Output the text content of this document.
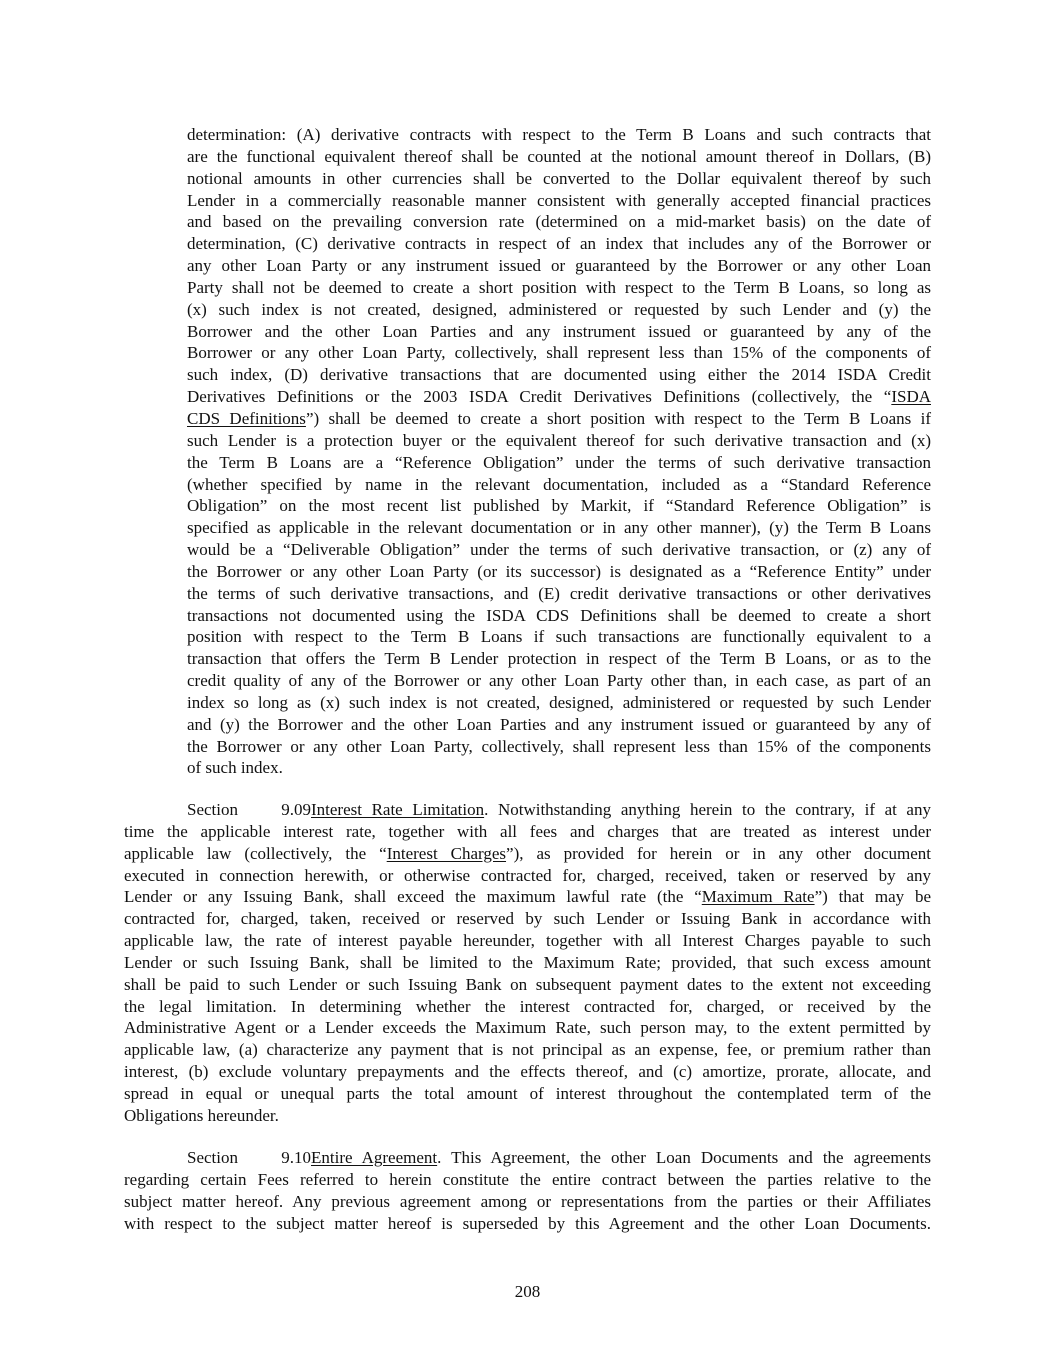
determination: (A) derivative contracts with respect to the Term B Loans and such contracts that
are the functional equivalent thereof shall be counted at the notional amount thereof in Dollars, (B)
notional amounts in other currencies shall be converted to the Dollar equivalent thereof by such
Lender in a commercially reasonable manner consistent with generally accepted financial practices
and based on the prevailing conversion rate (determined on a mid-market basis) on the date of
determination, (C) derivative contracts in respect of an index that includes any of the Borrower or
any other Loan Party or any instrument issued or guaranteed by the Borrower or any other Loan
Party shall not be deemed to create a short position with respect to the Term B Loans, so long as
(x) such index is not created, designed, administered or requested by such Lender and (y) the
Borrower and the other Loan Parties and any instrument issued or guaranteed by any of the
Borrower or any other Loan Party, collectively, shall represent less than 15% of the components of
such index, (D) derivative transactions that are documented using either the 2014 ISDA Credit
Derivatives Definitions or the 2003 ISDA Credit Derivatives Definitions (collectively, the “ISDA
CDS Definitions”) shall be deemed to create a short position with respect to the Term B Loans if
such Lender is a protection buyer or the equivalent thereof for such derivative transaction and (x)
the Term B Loans are a “Reference Obligation” under the terms of such derivative transaction
(whether specified by name in the relevant documentation, included as a “Standard Reference
Obligation” on the most recent list published by Markit, if “Standard Reference Obligation” is
specified as applicable in the relevant documentation or in any other manner), (y) the Term B Loans
would be a “Deliverable Obligation” under the terms of such derivative transaction, or (z) any of
the Borrower or any other Loan Party (or its successor) is designated as a “Reference Entity” under
the terms of such derivative transactions, and (E) credit derivative transactions or other derivatives
transactions not documented using the ISDA CDS Definitions shall be deemed to create a short
position with respect to the Term B Loans if such transactions are functionally equivalent to a
transaction that offers the Term B Lender protection in respect of the Term B Loans, or as to the
credit quality of any of the Borrower or any other Loan Party other than, in each case, as part of an
index so long as (x) such index is not created, designed, administered or requested by such Lender
and (y) the Borrower and the other Loan Parties and any instrument issued or guaranteed by any of
the Borrower or any other Loan Party, collectively, shall represent less than 15% of the components
of such index.
Section 9.09Interest Rate Limitation. Notwithstanding anything herein to the contrary, if at any
time the applicable interest rate, together with all fees and charges that are treated as interest under
applicable law (collectively, the “Interest Charges”), as provided for herein or in any other document
executed in connection herewith, or otherwise contracted for, charged, received, taken or reserved by any
Lender or any Issuing Bank, shall exceed the maximum lawful rate (the “Maximum Rate”) that may be
contracted for, charged, taken, received or reserved by such Lender or Issuing Bank in accordance with
applicable law, the rate of interest payable hereunder, together with all Interest Charges payable to such
Lender or such Issuing Bank, shall be limited to the Maximum Rate; provided, that such excess amount
shall be paid to such Lender or such Issuing Bank on subsequent payment dates to the extent not exceeding
the legal limitation. In determining whether the interest contracted for, charged, or received by the
Administrative Agent or a Lender exceeds the Maximum Rate, such person may, to the extent permitted by
applicable law, (a) characterize any payment that is not principal as an expense, fee, or premium rather than
interest, (b) exclude voluntary prepayments and the effects thereof, and (c) amortize, prorate, allocate, and
spread in equal or unequal parts the total amount of interest throughout the contemplated term of the
Obligations hereunder.
Section 9.10Entire Agreement. This Agreement, the other Loan Documents and the agreements
regarding certain Fees referred to herein constitute the entire contract between the parties relative to the
subject matter hereof. Any previous agreement among or representations from the parties or their Affiliates
with respect to the subject matter hereof is superseded by this Agreement and the other Loan Documents.
208
